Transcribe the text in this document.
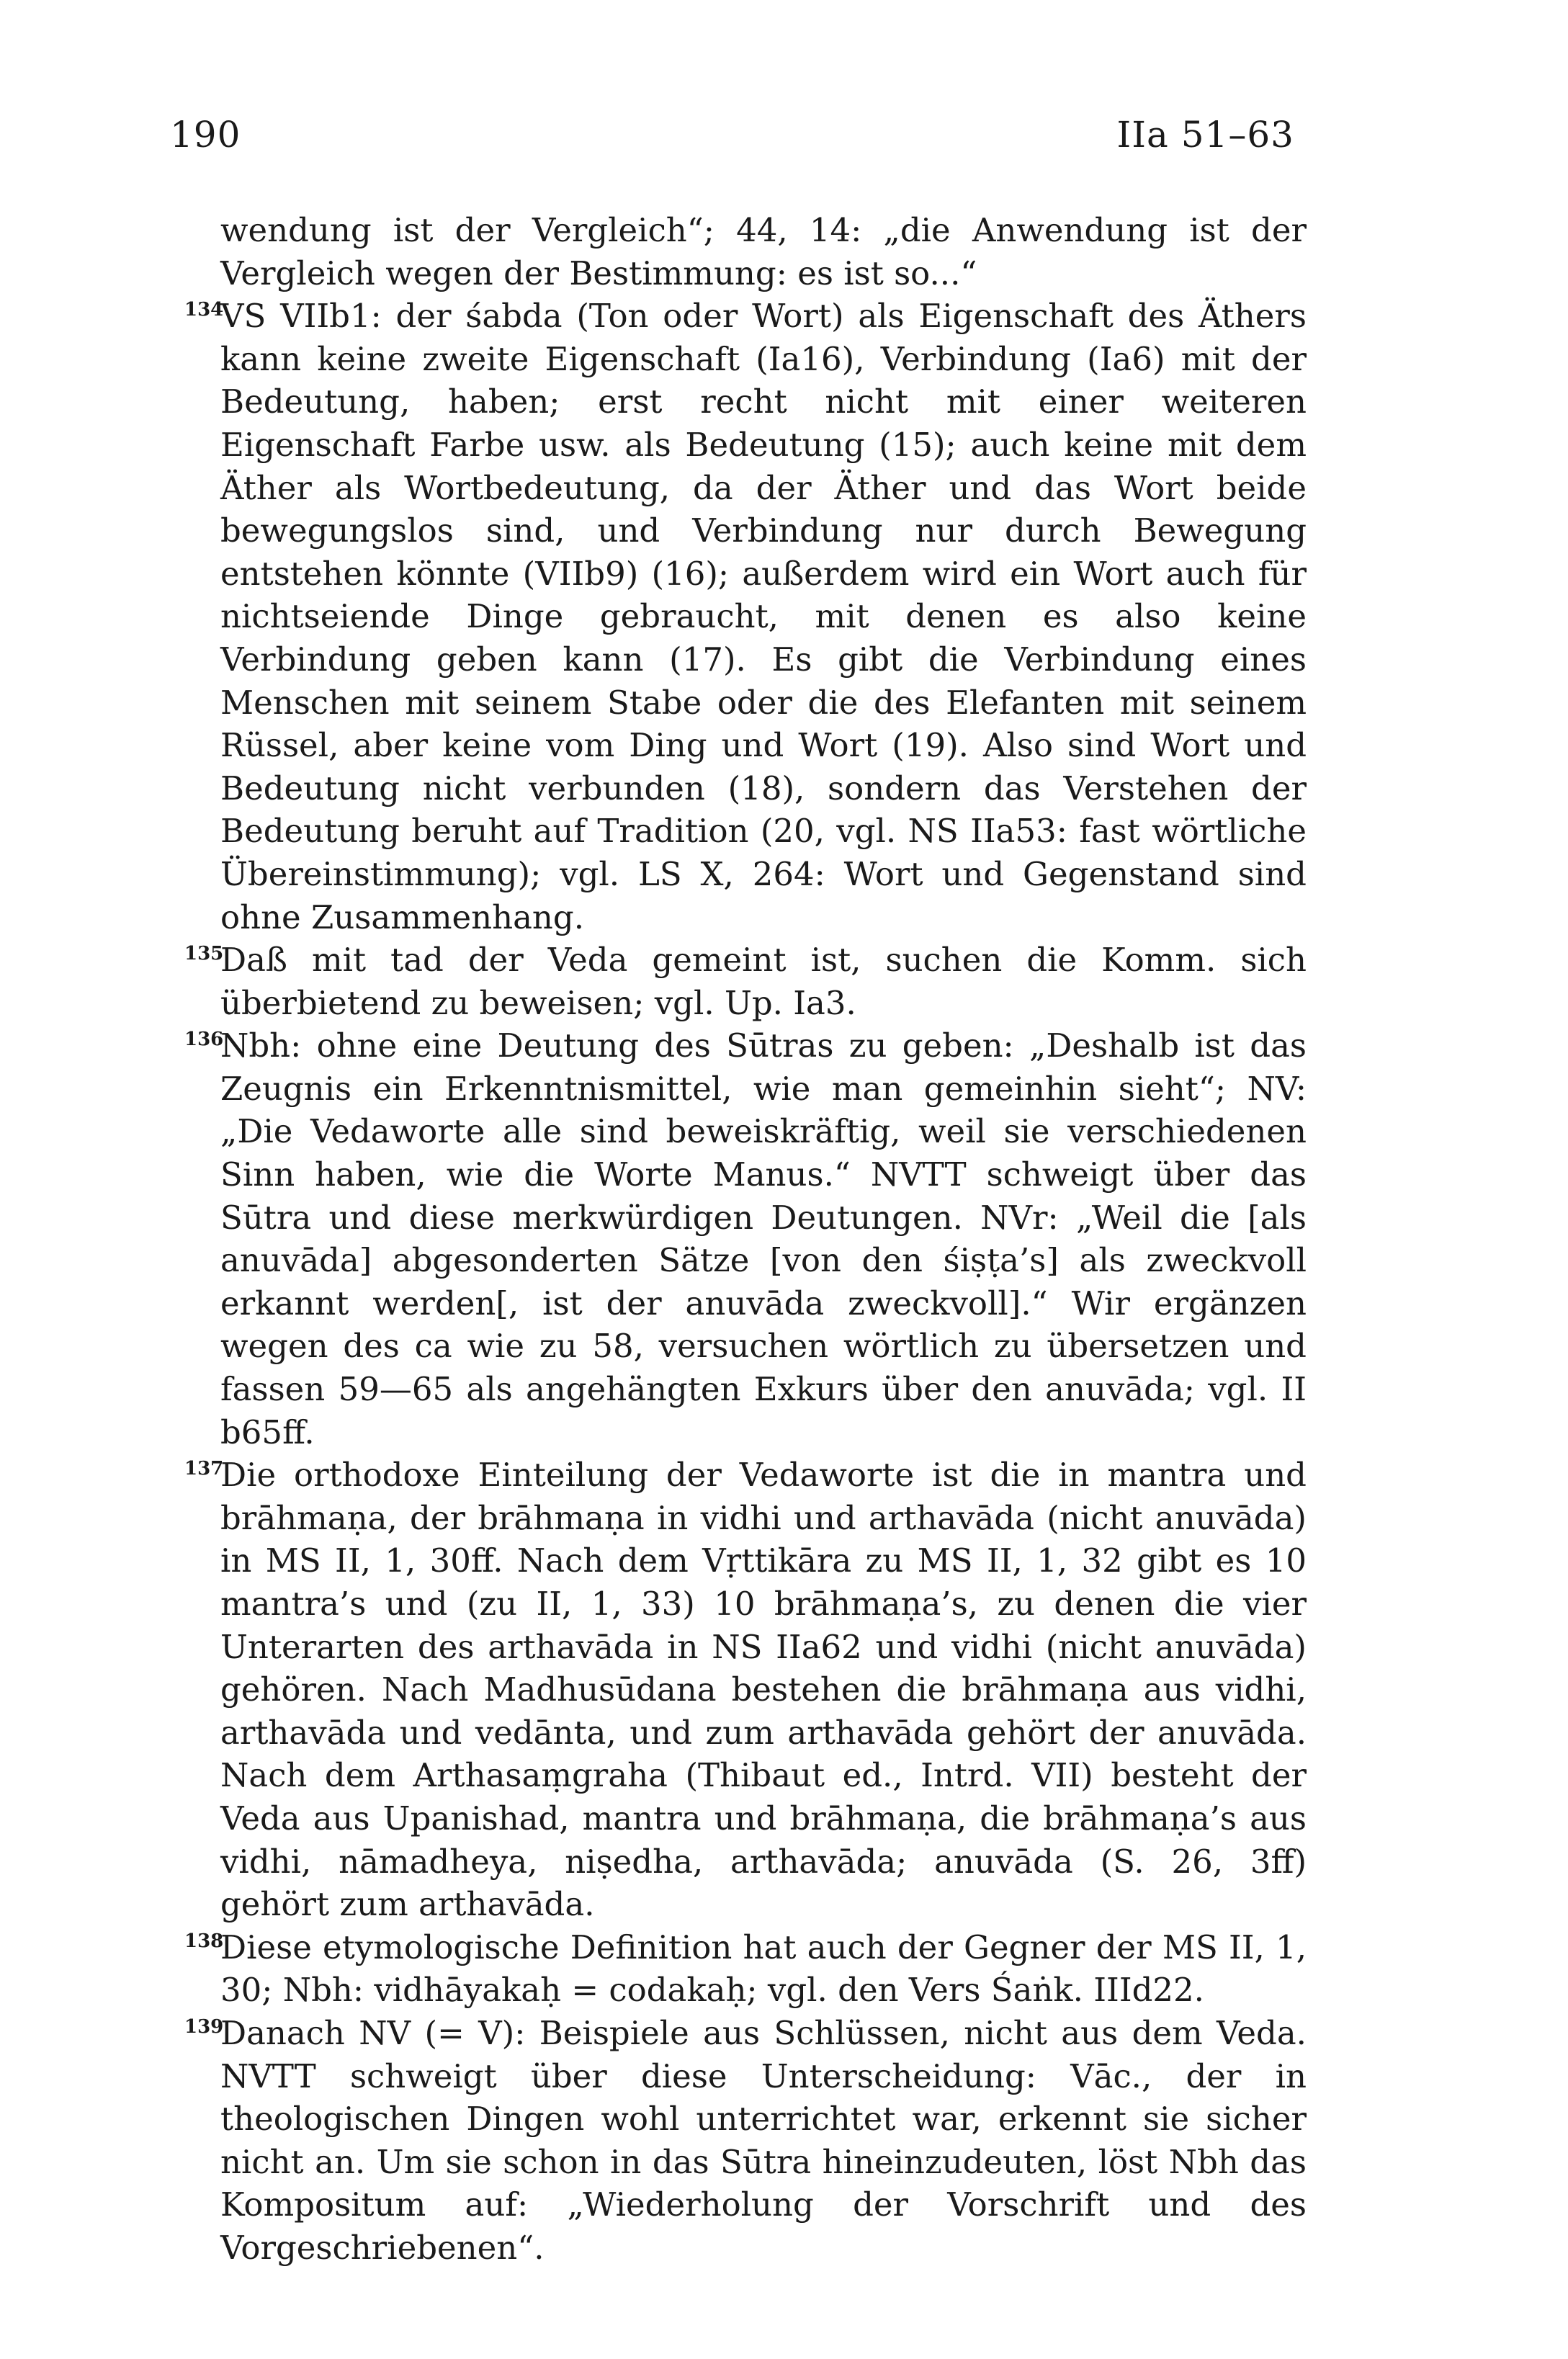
190	IIa 51–63

wendung ist der Vergleich“; 44, 14: „die Anwendung ist der Vergleich wegen der Bestimmung: es ist so...“

134
VS VIIb1: der śabda (Ton oder Wort) als Eigenschaft des Äthers kann keine zweite Eigenschaft (Ia16), Verbindung (Ia6) mit der Bedeutung, haben; erst recht nicht mit einer weiteren Eigenschaft Farbe usw. als Bedeutung (15); auch keine mit dem Äther als Wortbedeutung, da der Äther und das Wort beide bewegungslos sind, und Verbindung nur durch Bewegung entstehen könnte (VIIb9) (16); außerdem wird ein Wort auch für nichtseiende Dinge gebraucht, mit denen es also keine Verbindung geben kann (17). Es gibt die Verbindung eines Menschen mit seinem Stabe oder die des Elefanten mit seinem Rüssel, aber keine vom Ding und Wort (19). Also sind Wort und Bedeutung nicht verbunden (18), sondern das Verstehen der Bedeutung beruht auf Tradition (20, vgl. NS IIa53: fast wörtliche Übereinstimmung); vgl. LS X, 264: Wort und Gegenstand sind ohne Zusammenhang.

135
Daß mit tad der Veda gemeint ist, suchen die Komm. sich überbietend zu beweisen; vgl. Up. Ia3.

136
Nbh: ohne eine Deutung des Sūtras zu geben: „Deshalb ist das Zeugnis ein Erkenntnismittel, wie man gemeinhin sieht“; NV: „Die Vedaworte alle sind beweiskräftig, weil sie verschiedenen Sinn haben, wie die Worte Manus.“ NVTT schweigt über das Sūtra und diese merkwürdigen Deutungen. NVr: „Weil die [als anuvāda] abgesonderten Sätze [von den śiṣṭa’s] als zweckvoll erkannt werden[, ist der anuvāda zweckvoll].“ Wir ergänzen wegen des ca wie zu 58, versuchen wörtlich zu übersetzen und fassen 59—65 als angehängten Exkurs über den anuvāda; vgl. II b65ff.

137
Die orthodoxe Einteilung der Vedaworte ist die in mantra und brāhmaṇa, der brāhmaṇa in vidhi und arthavāda (nicht anuvāda) in MS II, 1, 30ff. Nach dem Vṛttikāra zu MS II, 1, 32 gibt es 10 mantra’s und (zu II, 1, 33) 10 brāhmaṇa’s, zu denen die vier Unterarten des arthavāda in NS IIa62 und vidhi (nicht anuvāda) gehören. Nach Madhusūdana bestehen die brāhmaṇa aus vidhi, arthavāda und vedānta, und zum arthavāda gehört der anuvāda. Nach dem Arthasaṃgraha (Thibaut ed., Intrd. VII) besteht der Veda aus Upanishad, mantra und brāhmaṇa, die brāhmaṇa’s aus vidhi, nāmadheya, niṣedha, arthavāda; anuvāda (S. 26, 3ff) gehört zum arthavāda.

138
Diese etymologische Definition hat auch der Gegner der MS II, 1, 30; Nbh: vidhāyakaḥ = codakaḥ; vgl. den Vers Śaṅk. IIId22.

139
Danach NV (= V): Beispiele aus Schlüssen, nicht aus dem Veda. NVTT schweigt über diese Unterscheidung: Vāc., der in theologischen Dingen wohl unterrichtet war, erkennt sie sicher nicht an. Um sie schon in das Sūtra hineinzudeuten, löst Nbh das Kompositum auf: „Wiederholung der Vorschrift und des Vorgeschriebenen“.
